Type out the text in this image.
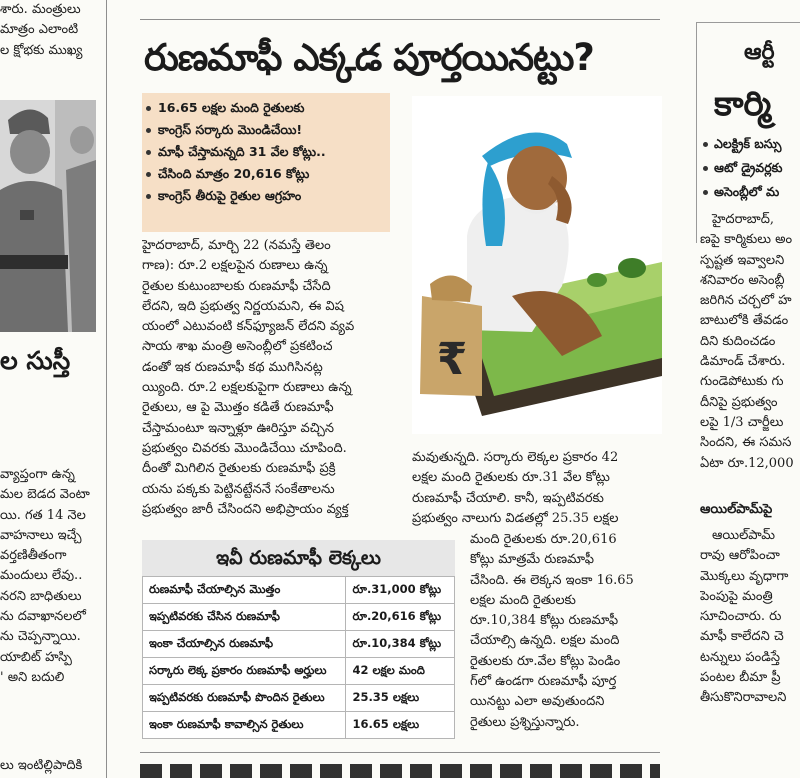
శారు. మంత్రులు
మాత్రం ఎలాంటి
ల క్షోభకు ముఖ్య
ల సుస్తీ
వ్యాప్తంగా ఉన్న
మల బెడద వెంటా
యి. గత 14 నెల
వాహనాలు ఇచ్చే
వర్తణితీతంగా
మందులు లేవు..
నరని బాధితులు
ను దవాఖానలలో
ను చెప్పన్నాయి.
యాబిట్ హస్పి
' అని బదులి
లు ఇంటిల్లిపాదికి
రుణమాఫీ ఎక్కడ పూర్తయినట్టు?
16.65 లక్షల మంది రైతులకు
కాంగ్రెస్ సర్కారు మొండిచేయి!
మాఫీ చేస్తామన్నది 31 వేల కోట్లు..
చేసింది మాత్రం 20,616 కోట్లు
కాంగ్రెస్ తీరుపై రైతుల ఆగ్రహం
₹
హైదరాబాద్, మార్చి 22 (నమస్తే తెలం
గాణ): రూ.2 లక్షలపైన రుణాలు ఉన్న
రైతుల కుటుంబాలకు రుణమాఫీ చేసేది
లేదని, ఇది ప్రభుత్వ నిర్ణయమని, ఈ విష
యంలో ఎటువంటి కన్‌ఫ్యూజన్ లేదని వ్యవ
సాయ శాఖ మంత్రి అసెంబ్లీలో ప్రకటించ
డంతో ఇక రుణమాఫీ కథ ముగిసినట్ల
య్యింది. రూ.2 లక్షలకుపైగా రుణాలు ఉన్న
రైతులు, ఆ పై మొత్తం కడితే రుణమాఫీ
చేస్తామంటూ ఇన్నాళ్లూ ఊరిస్తూ వచ్చిన
ప్రభుత్వం చివరకు మొండిచేయి చూపింది.
దీంతో మిగిలిన రైతులకు రుణమాఫీ ప్రక్రి
యను పక్కకు పెట్టినట్టేననే సంకేతాలను
ప్రభుత్వం జారీ చేసిందని అభిప్రాయం వ్యక్త
మవుతున్నది. సర్కారు లెక్కల ప్రకారం 42
లక్షల మంది రైతులకు రూ.31 వేల కోట్లు
రుణమాఫీ చేయాలి. కానీ, ఇప్పటివరకు
ప్రభుత్వం నాలుగు విడతల్లో 25.35 లక్షల
మంది రైతులకు రూ.20,616
కోట్లు మాత్రమే రుణమాఫీ
చేసింది. ఈ లెక్కన ఇంకా 16.65
లక్షల మంది రైతులకు
రూ.10,384 కోట్లు రుణమాఫీ
చేయాల్సి ఉన్నది. లక్షల మంది
రైతులకు రూ.వేల కోట్లు పెండిం
గ్‌లో ఉండగా రుణమాఫీ పూర్త
యినట్టు ఎలా అవుతుందని
రైతులు ప్రశ్నిస్తున్నారు.
ఇవీ రుణమాఫీ లెక్కలు
రుణమాఫీ చేయాల్సిన మొత్తం	రూ.31,000 కోట్లు
ఇప్పటివరకు చేసిన రుణమాఫీ	రూ.20,616 కోట్లు
ఇంకా చేయాల్సిన రుణమాఫీ	రూ.10,384 కోట్లు
సర్కారు లెక్క ప్రకారం రుణమాఫీ అర్హులు	42 లక్షల మంది
ఇప్పటివరకు రుణమాఫీ పొందిన రైతులు	25.35 లక్షలు
ఇంకా రుణమాఫీ కావాల్సిన రైతులు	16.65 లక్షలు
ఆర్టీ
కార్మి
ఎలక్ట్రిక్ బస్సు
ఆటో డ్రైవర్లకు
అసెంబ్లీలో మ
హైదరాబాద్,
ణపై కార్మికులు అం
స్పష్టత ఇవ్వాలని
శనివారం అసెంబ్లీ
జరిగిన చర్చలో హ
బాటులోకి తేవడం
దిని కుదించడం
డిమాండ్ చేశారు.
గుండెపోటుకు గు
దీనిపై ప్రభుత్వం
లపై 1/3 చార్జీలు
సిందని, ఈ సమస
ఏటా రూ.12,000
ఆయిల్‌పామ్‌పై
ఆయిల్‌పామ్
రావు ఆరోపించా
మొక్కలు వృధాగా
పెంపుపై మంత్రి
సూచించారు. రు
మాఫీ కాలేదని చె
టన్నులు పండిస్తే
పంటల బీమా ప్రీ
తీసుకొనిరావాలని
